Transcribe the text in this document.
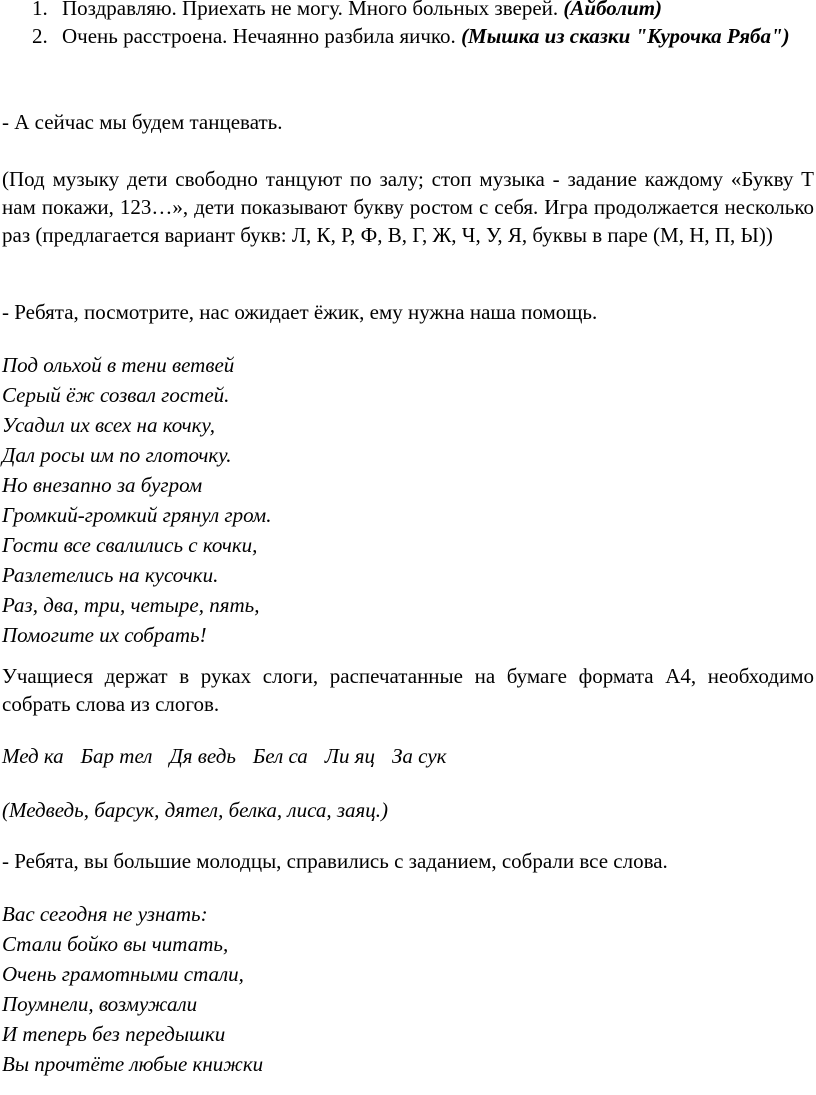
1. Поздравляю. Приехать не могу. Много больных зверей. (Айболит)
2. Очень расстроена. Нечаянно разбила яичко. (Мышка из сказки "Курочка Ряба")
- А сейчас мы будем танцевать.
(Под музыку дети свободно танцуют по залу; стоп музыка - задание каждому «Букву Т нам покажи, 123…», дети показывают букву ростом с себя. Игра продолжается несколько раз (предлагается вариант букв: Л, К, Р, Ф, В, Г, Ж, Ч, У, Я, буквы в паре (М, Н, П, Ы))
- Ребята, посмотрите, нас ожидает ёжик, ему нужна наша помощь.
Под ольхой в тени ветвей
Серый ёж созвал гостей.
Усадил их всех на кочку,
Дал росы им по глоточку.
Но внезапно за бугром
Громкий-громкий грянул гром.
Гости все свалились с кочки,
Разлетелись на кусочки.
Раз, два, три, четыре, пять,
Помогите их собрать!
Учащиеся держат в руках слоги, распечатанные на бумаге формата А4, необходимо собрать слова из слогов.
Мед ка Бар тел Дя ведь Бел са Ли яц За сук
(Медведь, барсук, дятел, белка, лиса, заяц.)
- Ребята, вы большие молодцы, справились с заданием, собрали все слова.
Вас сегодня не узнать:
Стали бойко вы читать,
Очень грамотными стали,
Поумнели, возмужали
И теперь без передышки
Вы прочтёте любые книжки
